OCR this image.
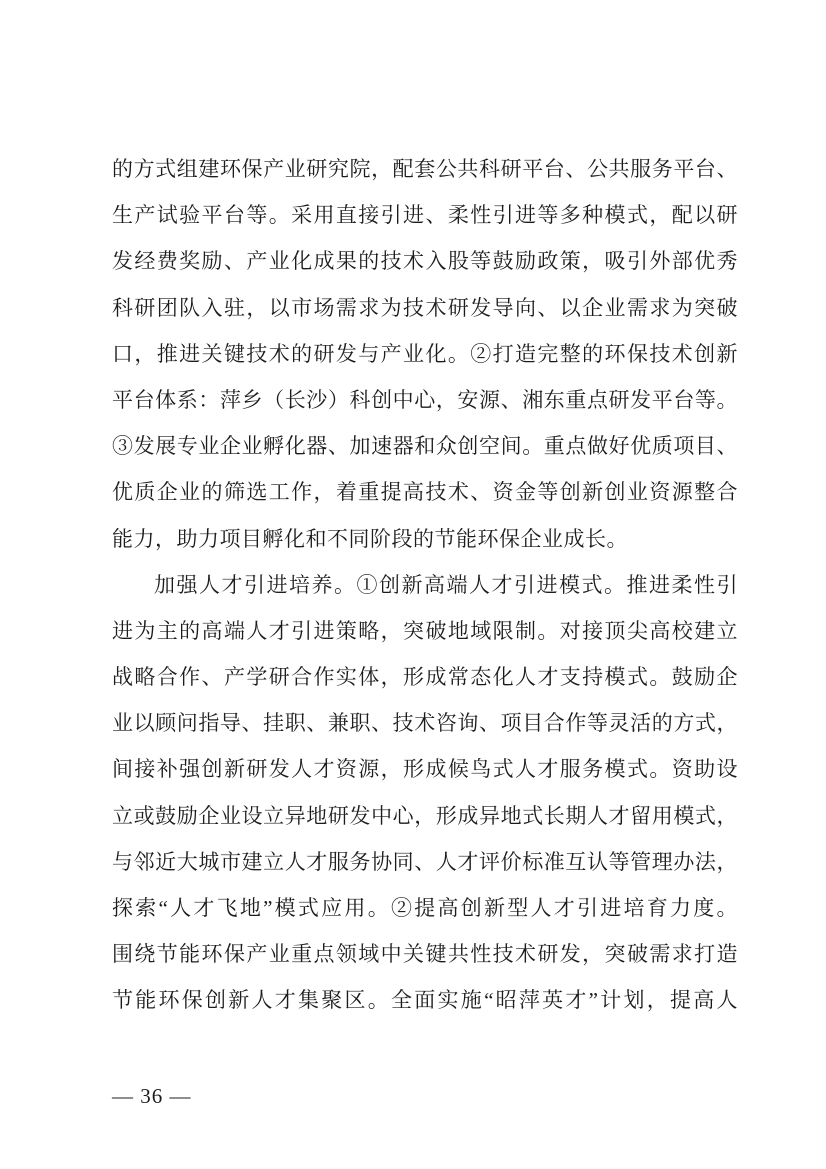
的方式组建环保产业研究院，配套公共科研平台、公共服务平台、
生产试验平台等。采用直接引进、柔性引进等多种模式，配以研
发经费奖励、产业化成果的技术入股等鼓励政策，吸引外部优秀
科研团队入驻，以市场需求为技术研发导向、以企业需求为突破
口，推进关键技术的研发与产业化。②打造完整的环保技术创新
平台体系：萍乡（长沙）科创中心，安源、湘东重点研发平台等。
③发展专业企业孵化器、加速器和众创空间。重点做好优质项目、
优质企业的筛选工作，着重提高技术、资金等创新创业资源整合
能力，助力项目孵化和不同阶段的节能环保企业成长。
加强人才引进培养。①创新高端人才引进模式。推进柔性引
进为主的高端人才引进策略，突破地域限制。对接顶尖高校建立
战略合作、产学研合作实体，形成常态化人才支持模式。鼓励企
业以顾问指导、挂职、兼职、技术咨询、项目合作等灵活的方式，
间接补强创新研发人才资源，形成候鸟式人才服务模式。资助设
立或鼓励企业设立异地研发中心，形成异地式长期人才留用模式，
与邻近大城市建立人才服务协同、人才评价标准互认等管理办法，
探索“人才飞地”模式应用。②提高创新型人才引进培育力度。
围绕节能环保产业重点领域中关键共性技术研发，突破需求打造
节能环保创新人才集聚区。全面实施“昭萍英才”计划，提高人
— 36 —
